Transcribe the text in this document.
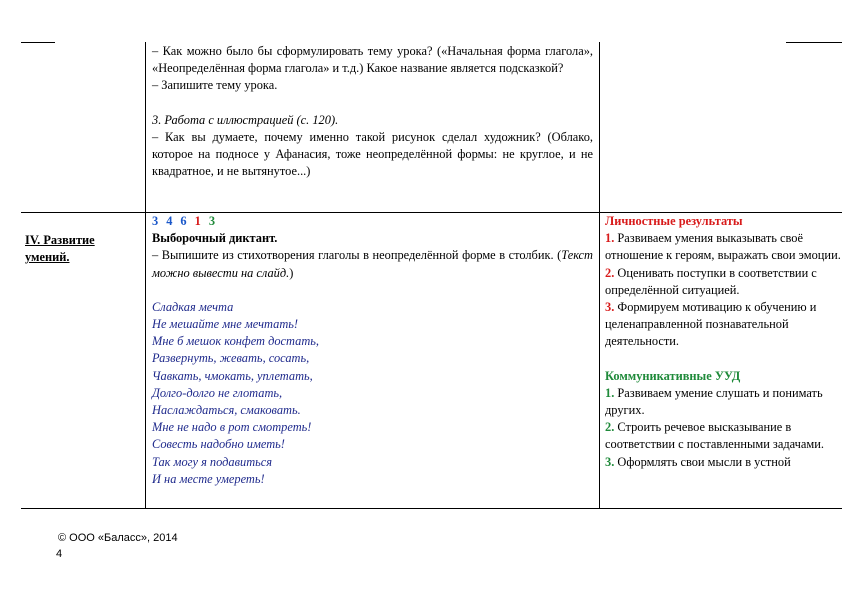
– Как можно было бы сформулировать тему урока? («Начальная форма глагола», «Неопределённая форма глагола» и т.д.) Какое название является подсказкой?

– Запишите тему урока.

3. Работа с иллюстрацией (с. 120).

– Как вы думаете, почему именно такой рисунок сделал художник? (Облако, которое на подносе у Афанасия, тоже неопределённой формы: не круглое, и не квадратное, и не вытянутое...)

IV. Развитие умений.
3 4 6 1 3

Выборочный диктант.

– Выпишите из стихотворения глаголы в неопределённой форме в столбик. (Текст можно вывести на слайд.)

Сладкая мечта
Не мешайте мне мечтать!
Мне б мешок конфет достать,
Развернуть, жевать, сосать,
Чавкать, чмокать, уплетать,
Долго-долго не глотать,
Наслаждаться, смаковать.
Мне не надо в рот смотреть!
Совесть надобно иметь!
Так могу я подавиться
И на месте умереть!

Личностные результаты

1. Развиваем умения выказывать своё отношение к героям, выражать свои эмоции.

2. Оценивать поступки в соответствии с определённой ситуацией.

3. Формируем мотивацию к обучению и целенаправленной познавательной деятельности.

Коммуникативные УУД

1. Развиваем умение слушать и понимать других.

2. Строить речевое высказывание в соответствии с поставленными задачами.

3. Оформлять свои мысли в устной

© ООО «Баласс», 2014
4
